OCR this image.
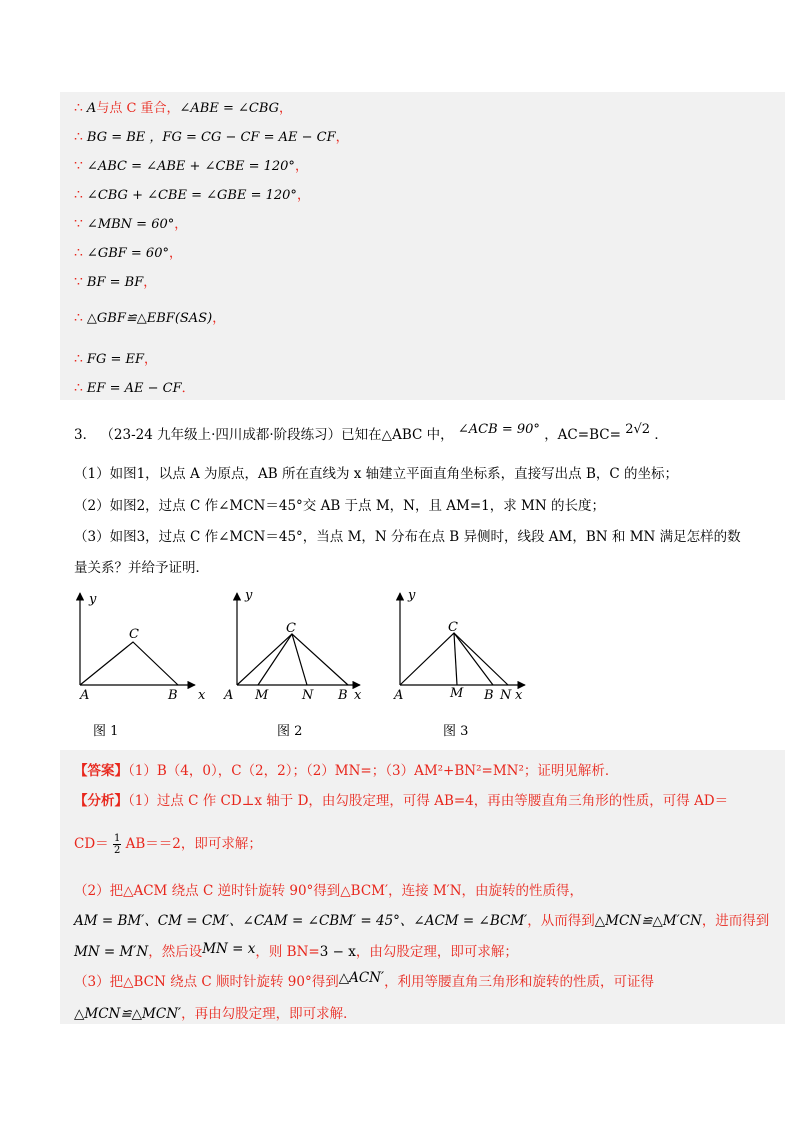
∴ A与点 C 重合，∠ABE = ∠CBG，
∴ BG = BE ，FG = CG − CF = AE − CF，
∵ ∠ABC = ∠ABE + ∠CBE = 120°，
∴ ∠CBG + ∠CBE = ∠GBE = 120°，
∵ ∠MBN = 60°，
∴ ∠GBF = 60°，
∵ BF = BF，
∴ △GBF≌△EBF(SAS)，
∴ FG = EF，
∴ EF = AE − CF．
3． （23-24 九年级上·四川成都·阶段练习）已知在△ABC 中， ∠ACB = 90° ，AC=BC= 2√2 ．
（1）如图1，以点 A 为原点，AB 所在直线为 x 轴建立平面直角坐标系，直接写出点 B，C 的坐标；
（2）如图2，过点 C 作∠MCN＝45°交 AB 于点 M，N，且 AM=1，求 MN 的长度；
（3）如图3，过点 C 作∠MCN＝45°，当点 M，N 分布在点 B 异侧时，线段 AM，BN 和 MN 满足怎样的数
量关系？并给予证明．
y
C
A	B x
y
C
A M	N B x
y
C
A	M B N x
图 1	图 2	图 3
【答案】（1）B（4，0），C（2，2）；（2）MN=；（3）AM²+BN²=MN²；证明见解析．
【分析】（1）过点 C 作 CD⊥x 轴于 D，由勾股定理，可得 AB=4，再由等腰直角三角形的性质，可得 AD＝
$CD= \frac{1}{2} AB==2$，即可求解；
（2）把△ACM 绕点 C 逆时针旋转 90°得到△BCM′，连接 M′N，由旋转的性质得，
AM = BM′、CM = CM′、∠CAM = ∠CBM′ = 45°、∠ACM = ∠BCM′，从而得到△MCN≌△M′CN，进而得到
MN = M′N，然后设MN = x，则 BN=3 − x，由勾股定理，即可求解；
（3）把△BCN 绕点 C 顺时针旋转 90°得到△ACN′，利用等腰直角三角形和旋转的性质，可证得
△MCN≌△MCN′，再由勾股定理，即可求解．
